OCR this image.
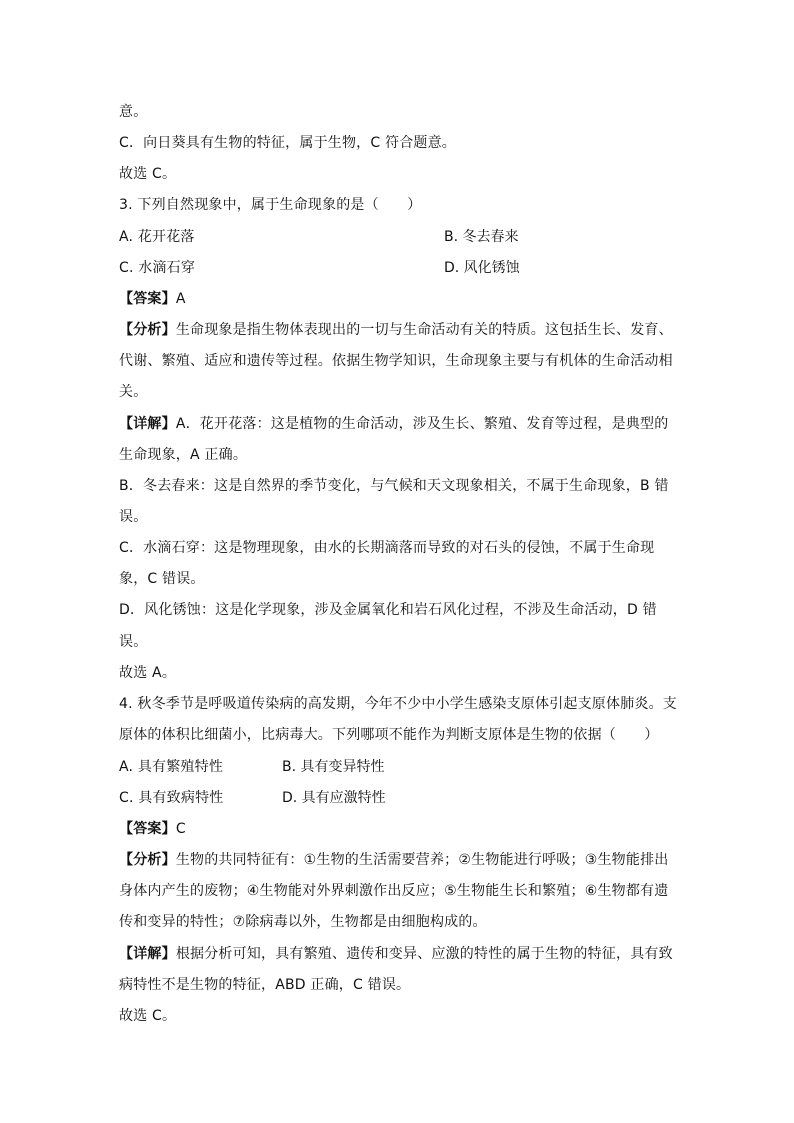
意。
C．向日葵具有生物的特征，属于生物，C 符合题意。
故选 C。
3. 下列自然现象中，属于生命现象的是（　　）
A. 花开花落	B. 冬去春来
C. 水滴石穿	D. 风化锈蚀
【答案】A
【分析】生命现象是指生物体表现出的一切与生命活动有关的特质。这包括生长、发育、
代谢、繁殖、适应和遗传等过程。依据生物学知识，生命现象主要与有机体的生命活动相
关。
【详解】A．花开花落：这是植物的生命活动，涉及生长、繁殖、发育等过程，是典型的
生命现象，A 正确。
B．冬去春来：这是自然界的季节变化，与气候和天文现象相关，不属于生命现象，B 错
误。
C．水滴石穿：这是物理现象，由水的长期滴落而导致的对石头的侵蚀，不属于生命现
象，C 错误。
D．风化锈蚀：这是化学现象，涉及金属氧化和岩石风化过程，不涉及生命活动，D 错
误。
故选 A。
4. 秋冬季节是呼吸道传染病的高发期，今年不少中小学生感染支原体引起支原体肺炎。支
原体的体积比细菌小，比病毒大。下列哪项不能作为判断支原体是生物的依据（　　）
A. 具有繁殖特性	B. 具有变异特性
C. 具有致病特性	D. 具有应激特性
【答案】C
【分析】生物的共同特征有：①生物的生活需要营养；②生物能进行呼吸；③生物能排出
身体内产生的废物；④生物能对外界刺激作出反应；⑤生物能生长和繁殖；⑥生物都有遗
传和变异的特性；⑦除病毒以外，生物都是由细胞构成的。
【详解】根据分析可知，具有繁殖、遗传和变异、应激的特性的属于生物的特征，具有致
病特性不是生物的特征，ABD 正确，C 错误。
故选 C。
